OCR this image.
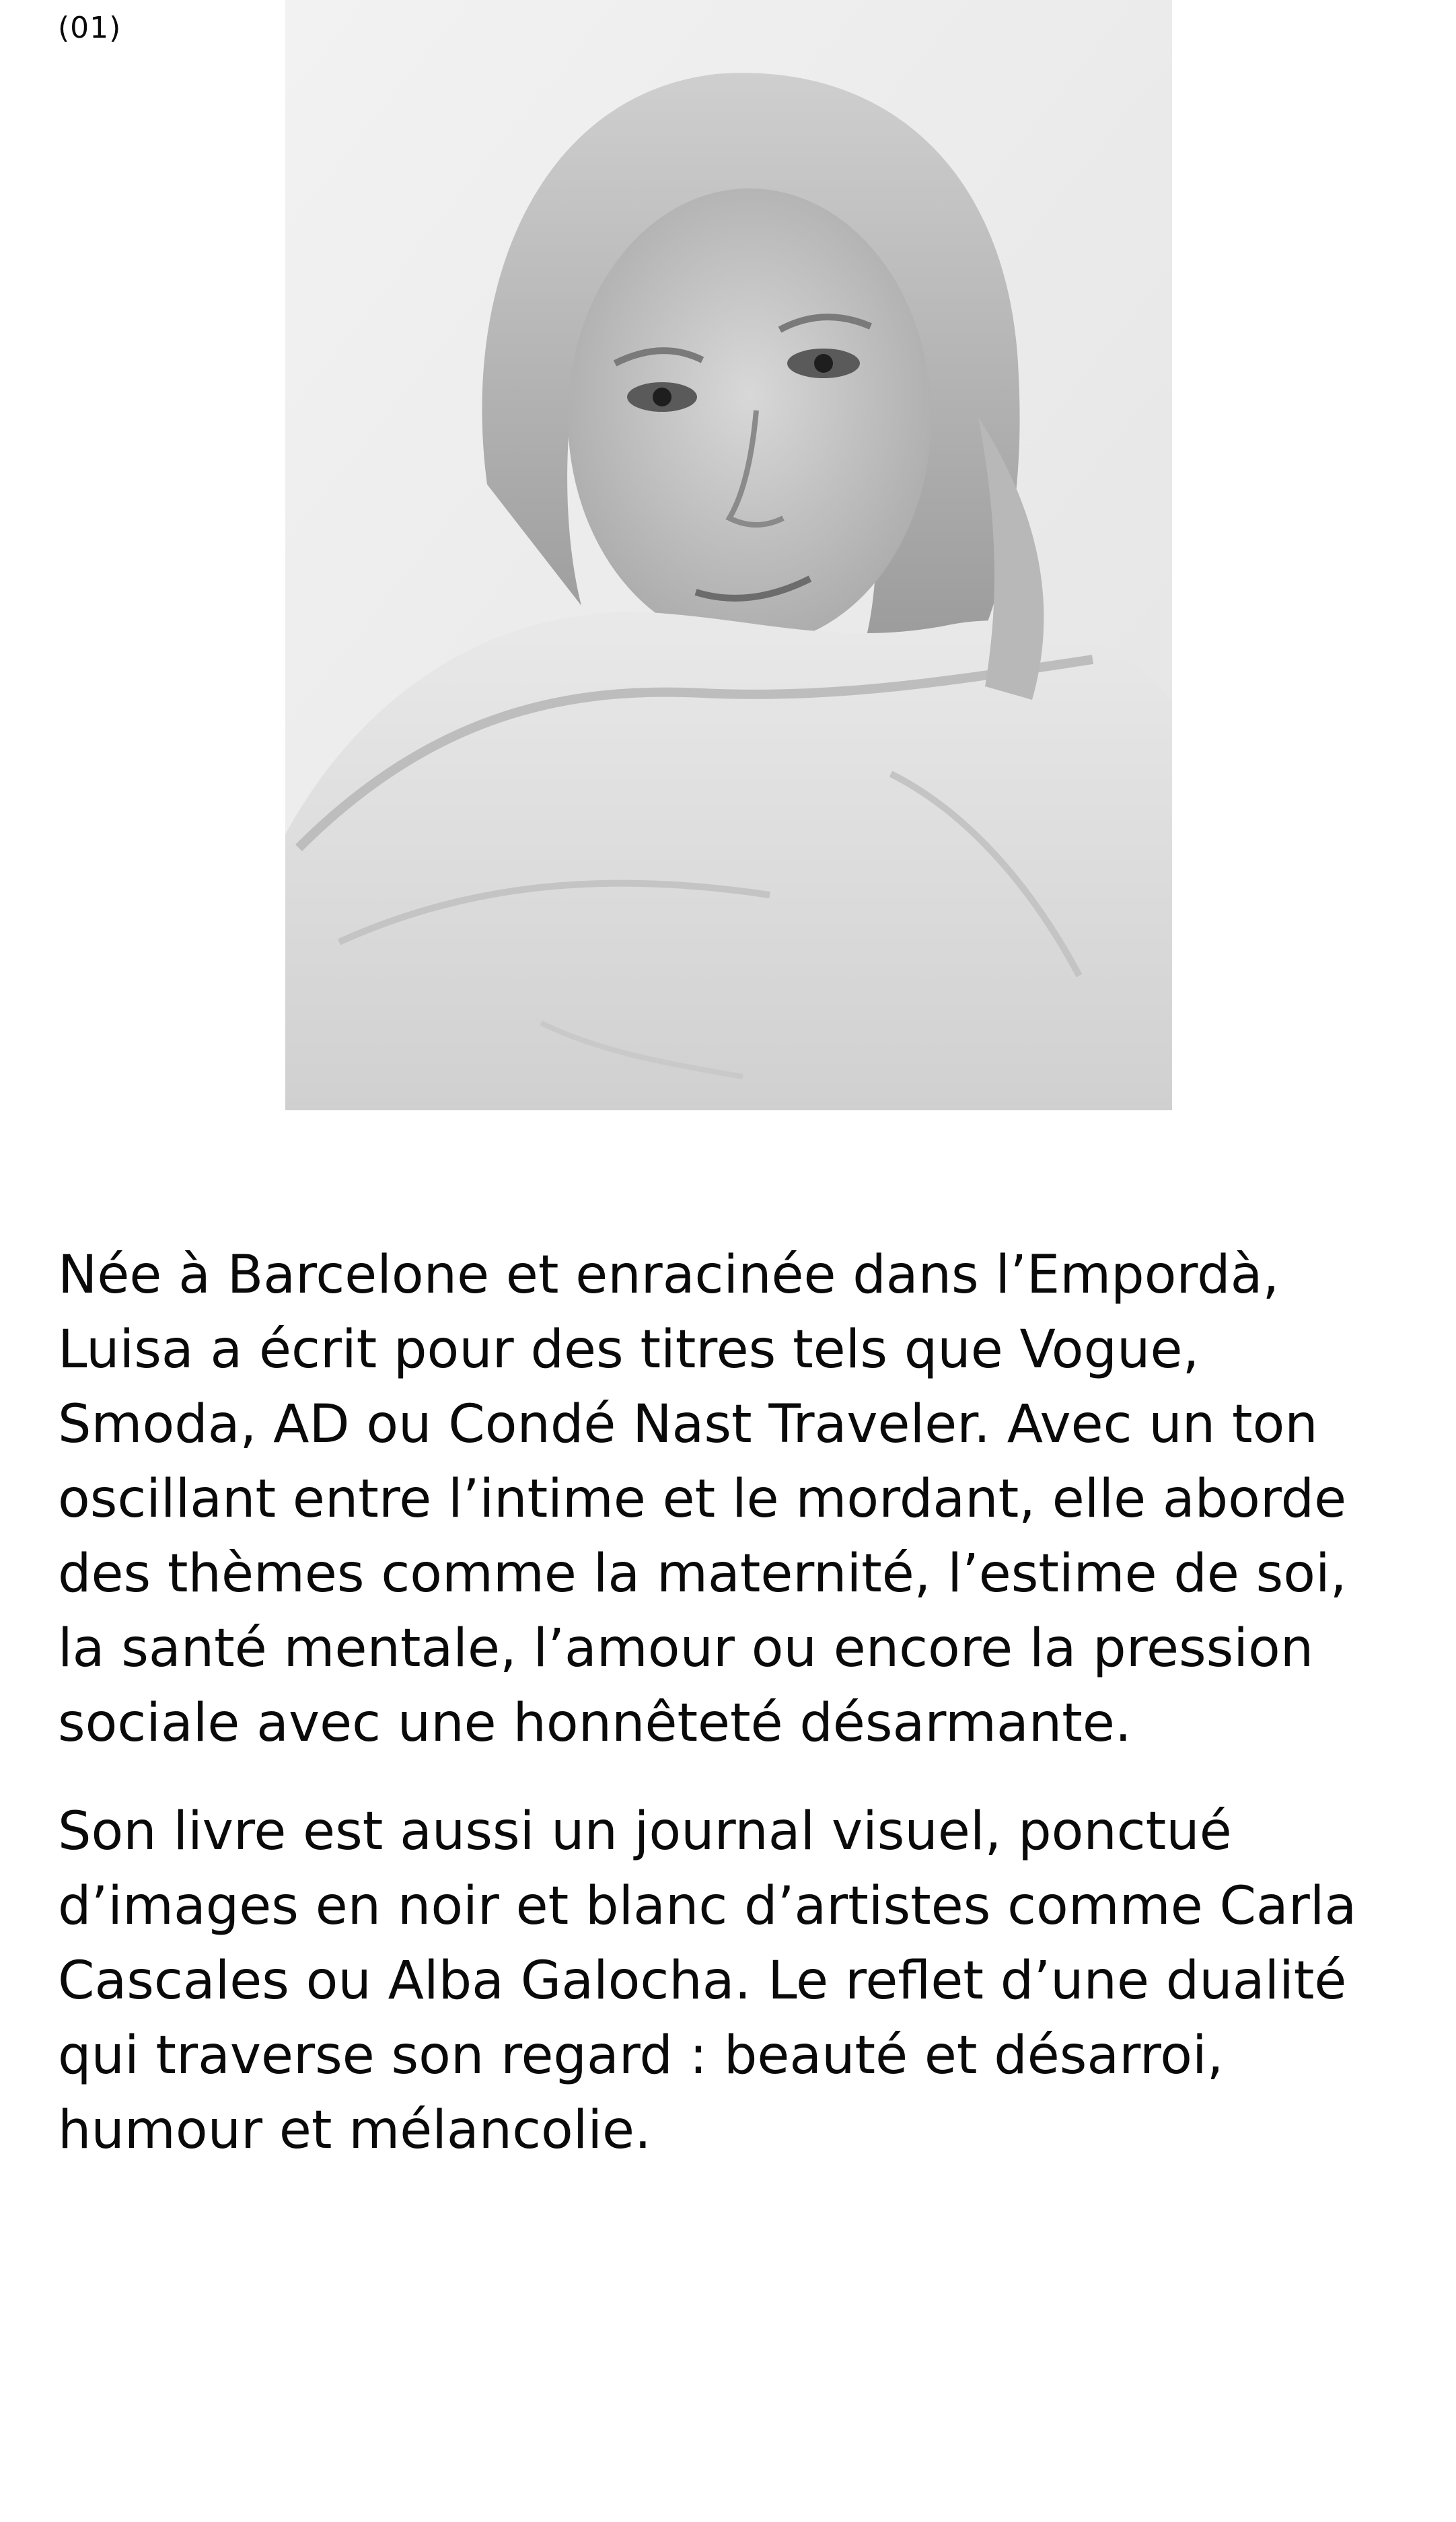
(01)

Née à Barcelone et enracinée dans l’Empordà, Luisa a écrit pour des titres tels que Vogue, Smoda, AD ou Condé Nast Traveler. Avec un ton oscillant entre l’intime et le mordant, elle aborde des thèmes comme la maternité, l’estime de soi, la santé mentale, l’amour ou encore la pression sociale avec une honnêteté désarmante.

Son livre est aussi un journal visuel, ponctué d’images en noir et blanc d’artistes comme Carla Cascales ou Alba Galocha. Le reflet d’une dualité qui traverse son regard : beauté et désarroi, humour et mélancolie.
